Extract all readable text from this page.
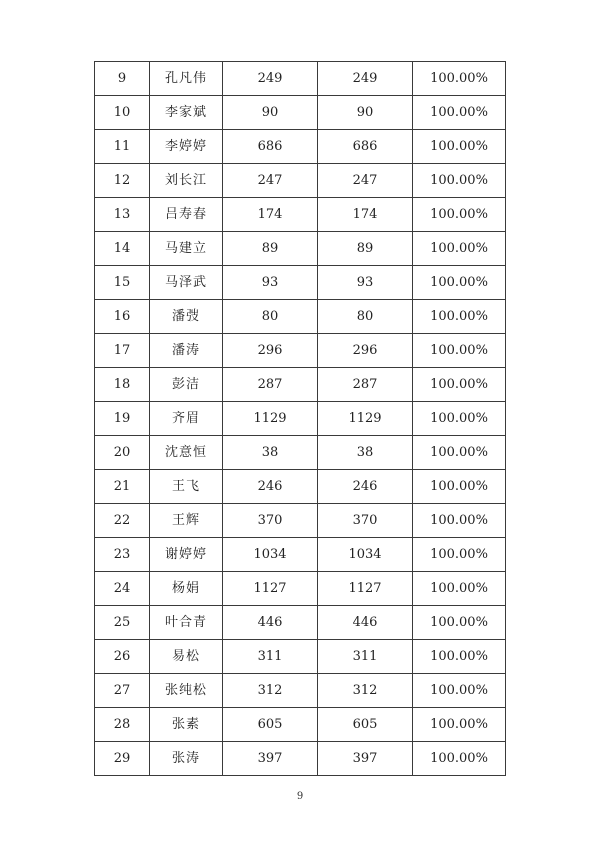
9	孔凡伟	249	249	100.00%
10	李家斌	90	90	100.00%
11	李婷婷	686	686	100.00%
12	刘长江	247	247	100.00%
13	吕寿春	174	174	100.00%
14	马建立	89	89	100.00%
15	马泽武	93	93	100.00%
16	潘弢	80	80	100.00%
17	潘涛	296	296	100.00%
18	彭洁	287	287	100.00%
19	齐眉	1129	1129	100.00%
20	沈意恒	38	38	100.00%
21	王飞	246	246	100.00%
22	王辉	370	370	100.00%
23	谢婷婷	1034	1034	100.00%
24	杨娟	1127	1127	100.00%
25	叶合青	446	446	100.00%
26	易松	311	311	100.00%
27	张纯松	312	312	100.00%
28	张素	605	605	100.00%
29	张涛	397	397	100.00%
9
